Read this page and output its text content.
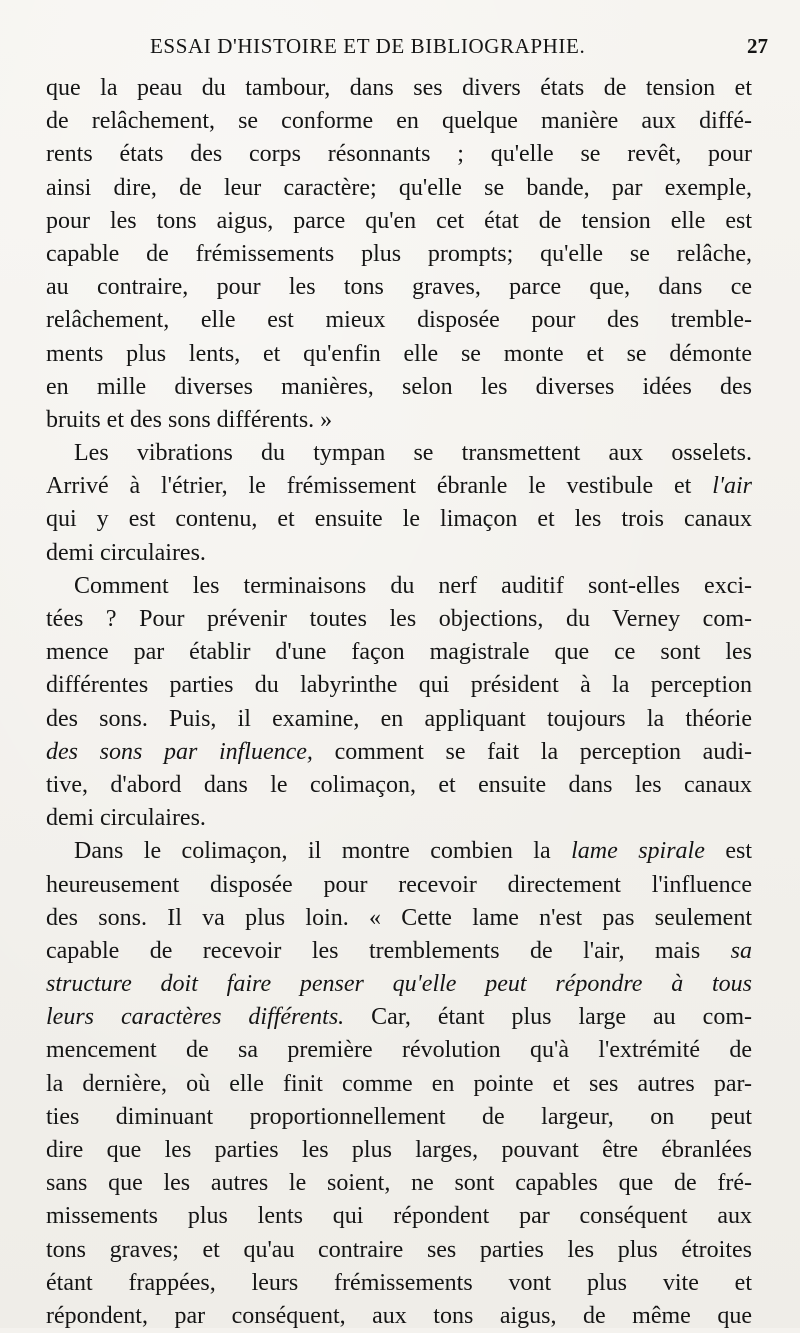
ESSAI D'HISTOIRE ET DE BIBLIOGRAPHIE.	27
que la peau du tambour, dans ses divers états de tension et
de relâchement, se conforme en quelque manière aux diffé-
rents états des corps résonnants ; qu'elle se revêt, pour
ainsi dire, de leur caractère; qu'elle se bande, par exemple,
pour les tons aigus, parce qu'en cet état de tension elle est
capable de frémissements plus prompts; qu'elle se relâche,
au contraire, pour les tons graves, parce que, dans ce
relâchement, elle est mieux disposée pour des tremble-
ments plus lents, et qu'enfin elle se monte et se démonte
en mille diverses manières, selon les diverses idées des
bruits et des sons différents. »
Les vibrations du tympan se transmettent aux osselets.
Arrivé à l'étrier, le frémissement ébranle le vestibule et l'air
qui y est contenu, et ensuite le limaçon et les trois canaux
demi circulaires.
Comment les terminaisons du nerf auditif sont-elles exci-
tées ? Pour prévenir toutes les objections, du Verney com-
mence par établir d'une façon magistrale que ce sont les
différentes parties du labyrinthe qui président à la perception
des sons. Puis, il examine, en appliquant toujours la théorie
des sons par influence, comment se fait la perception audi-
tive, d'abord dans le colimaçon, et ensuite dans les canaux
demi circulaires.
Dans le colimaçon, il montre combien la lame spirale est
heureusement disposée pour recevoir directement l'influence
des sons. Il va plus loin. « Cette lame n'est pas seulement
capable de recevoir les tremblements de l'air, mais sa
structure doit faire penser qu'elle peut répondre à tous
leurs caractères différents. Car, étant plus large au com-
mencement de sa première révolution qu'à l'extrémité de
la dernière, où elle finit comme en pointe et ses autres par-
ties diminuant proportionnellement de largeur, on peut
dire que les parties les plus larges, pouvant être ébranlées
sans que les autres le soient, ne sont capables que de fré-
missements plus lents qui répondent par conséquent aux
tons graves; et qu'au contraire ses parties les plus étroites
étant frappées, leurs frémissements vont plus vite et
répondent, par conséquent, aux tons aigus, de même que
